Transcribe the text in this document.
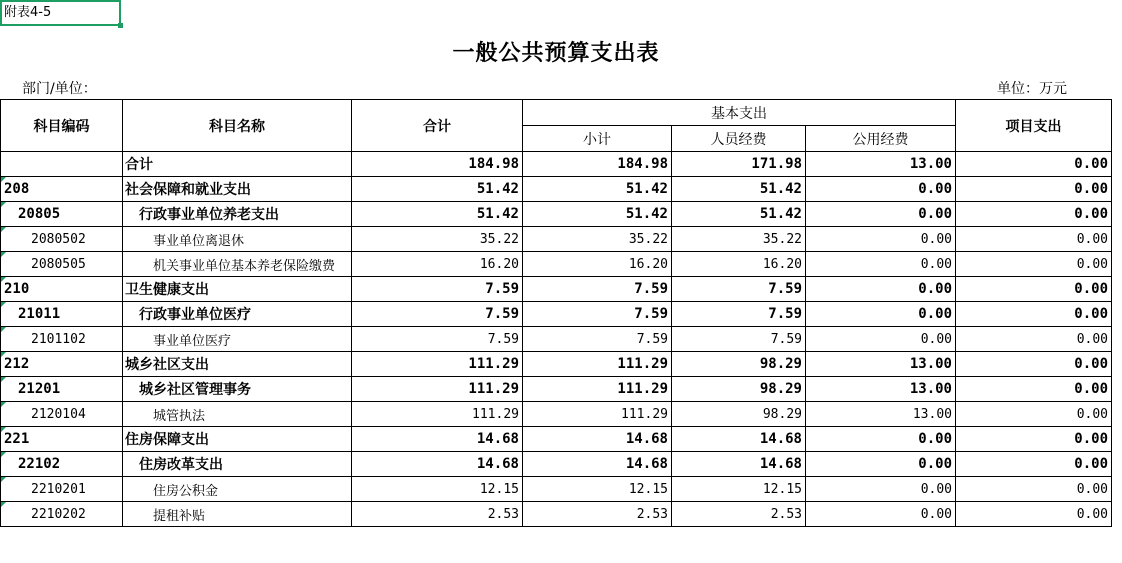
附表4-5
一般公共预算支出表
部门/单位：	单位：万元
科目编码	科目名称	合计	基本支出			项目支出
			小计	人员经费	公用经费	
	合计	184.98	184.98	171.98	13.00	0.00
208	社会保障和就业支出	51.42	51.42	51.42	0.00	0.00
20805	行政事业单位养老支出	51.42	51.42	51.42	0.00	0.00
2080502	事业单位离退休	35.22	35.22	35.22	0.00	0.00
2080505	机关事业单位基本养老保险缴费	16.20	16.20	16.20	0.00	0.00
210	卫生健康支出	7.59	7.59	7.59	0.00	0.00
21011	行政事业单位医疗	7.59	7.59	7.59	0.00	0.00
2101102	事业单位医疗	7.59	7.59	7.59	0.00	0.00
212	城乡社区支出	111.29	111.29	98.29	13.00	0.00
21201	城乡社区管理事务	111.29	111.29	98.29	13.00	0.00
2120104	城管执法	111.29	111.29	98.29	13.00	0.00
221	住房保障支出	14.68	14.68	14.68	0.00	0.00
22102	住房改革支出	14.68	14.68	14.68	0.00	0.00
2210201	住房公积金	12.15	12.15	12.15	0.00	0.00
2210202	提租补贴	2.53	2.53	2.53	0.00	0.00
